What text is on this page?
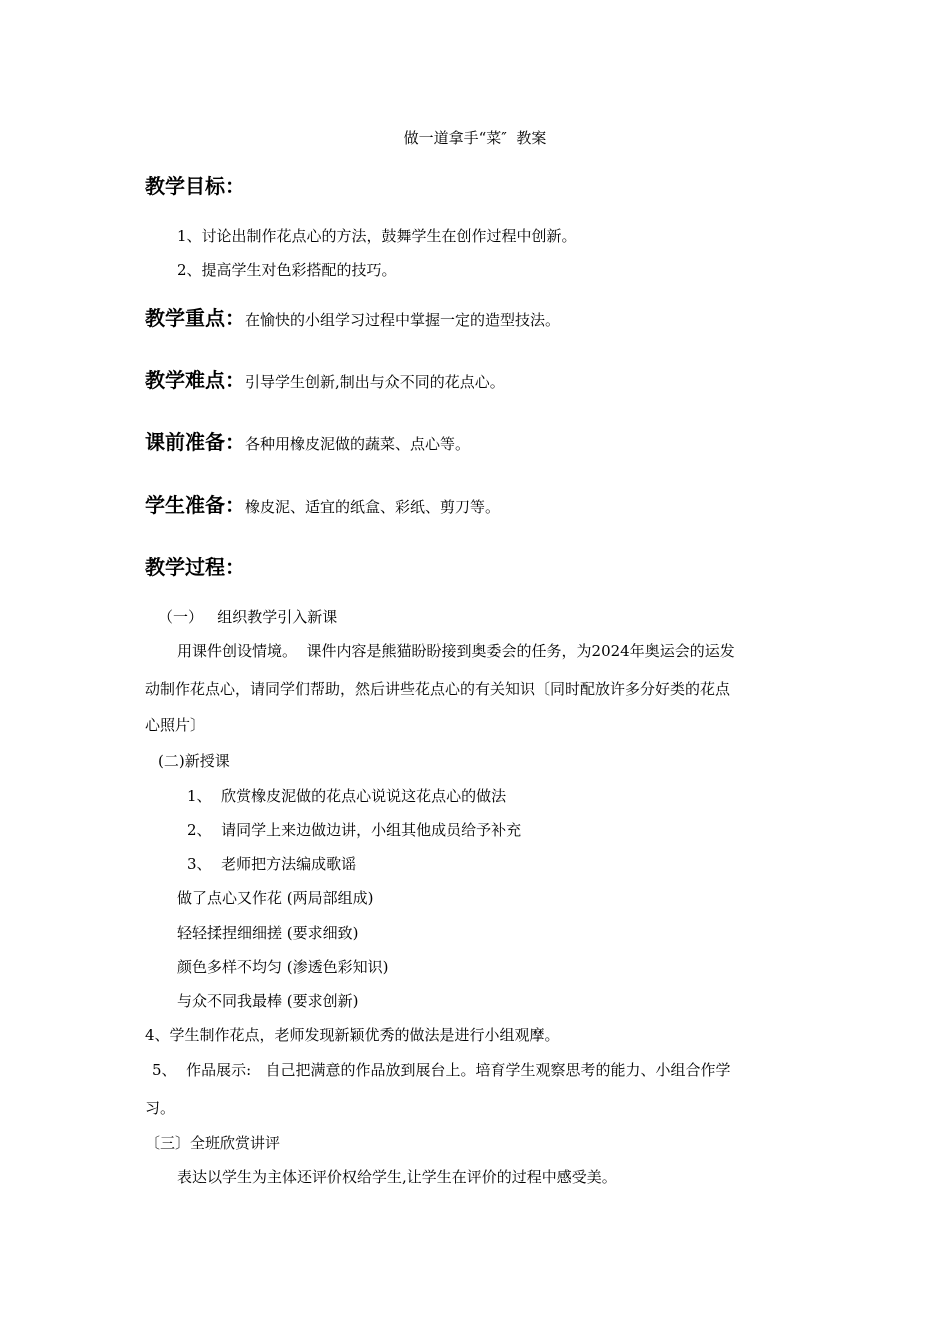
做一道拿手“菜″  教案
教学目标：
1、讨论出制作花点心的方法，鼓舞学生在创作过程中创新。
2、提高学生对色彩搭配的技巧。
教学重点：在愉快的小组学习过程中掌握一定的造型技法。
教学难点：引导学生创新,制出与众不同的花点心。
课前准备：各种用橡皮泥做的蔬菜、点心等。
学生准备：橡皮泥、适宜的纸盒、彩纸、剪刀等。
教学过程：
（一）   组织教学引入新课
用课件创设情境。  课件内容是熊猫盼盼接到奥委会的任务，为2024年奥运会的运发
动制作花点心，请同学们帮助，然后讲些花点心的有关知识〔同时配放许多分好类的花点
心照片〕
(二)新授课
1、  欣赏橡皮泥做的花点心说说这花点心的做法
2、  请同学上来边做边讲，小组其他成员给予补充
3、  老师把方法编成歌谣
做了点心又作花 (两局部组成)
轻轻揉捏细细搓 (要求细致)
颜色多样不均匀 (渗透色彩知识)
与众不同我最棒 (要求创新)
4、学生制作花点，老师发现新颖优秀的做法是进行小组观摩。
5、  作品展示:   自己把满意的作品放到展台上。培育学生观察思考的能力、小组合作学
习。
〔三〕全班欣赏讲评
表达以学生为主体还评价权给学生,让学生在评价的过程中感受美。
